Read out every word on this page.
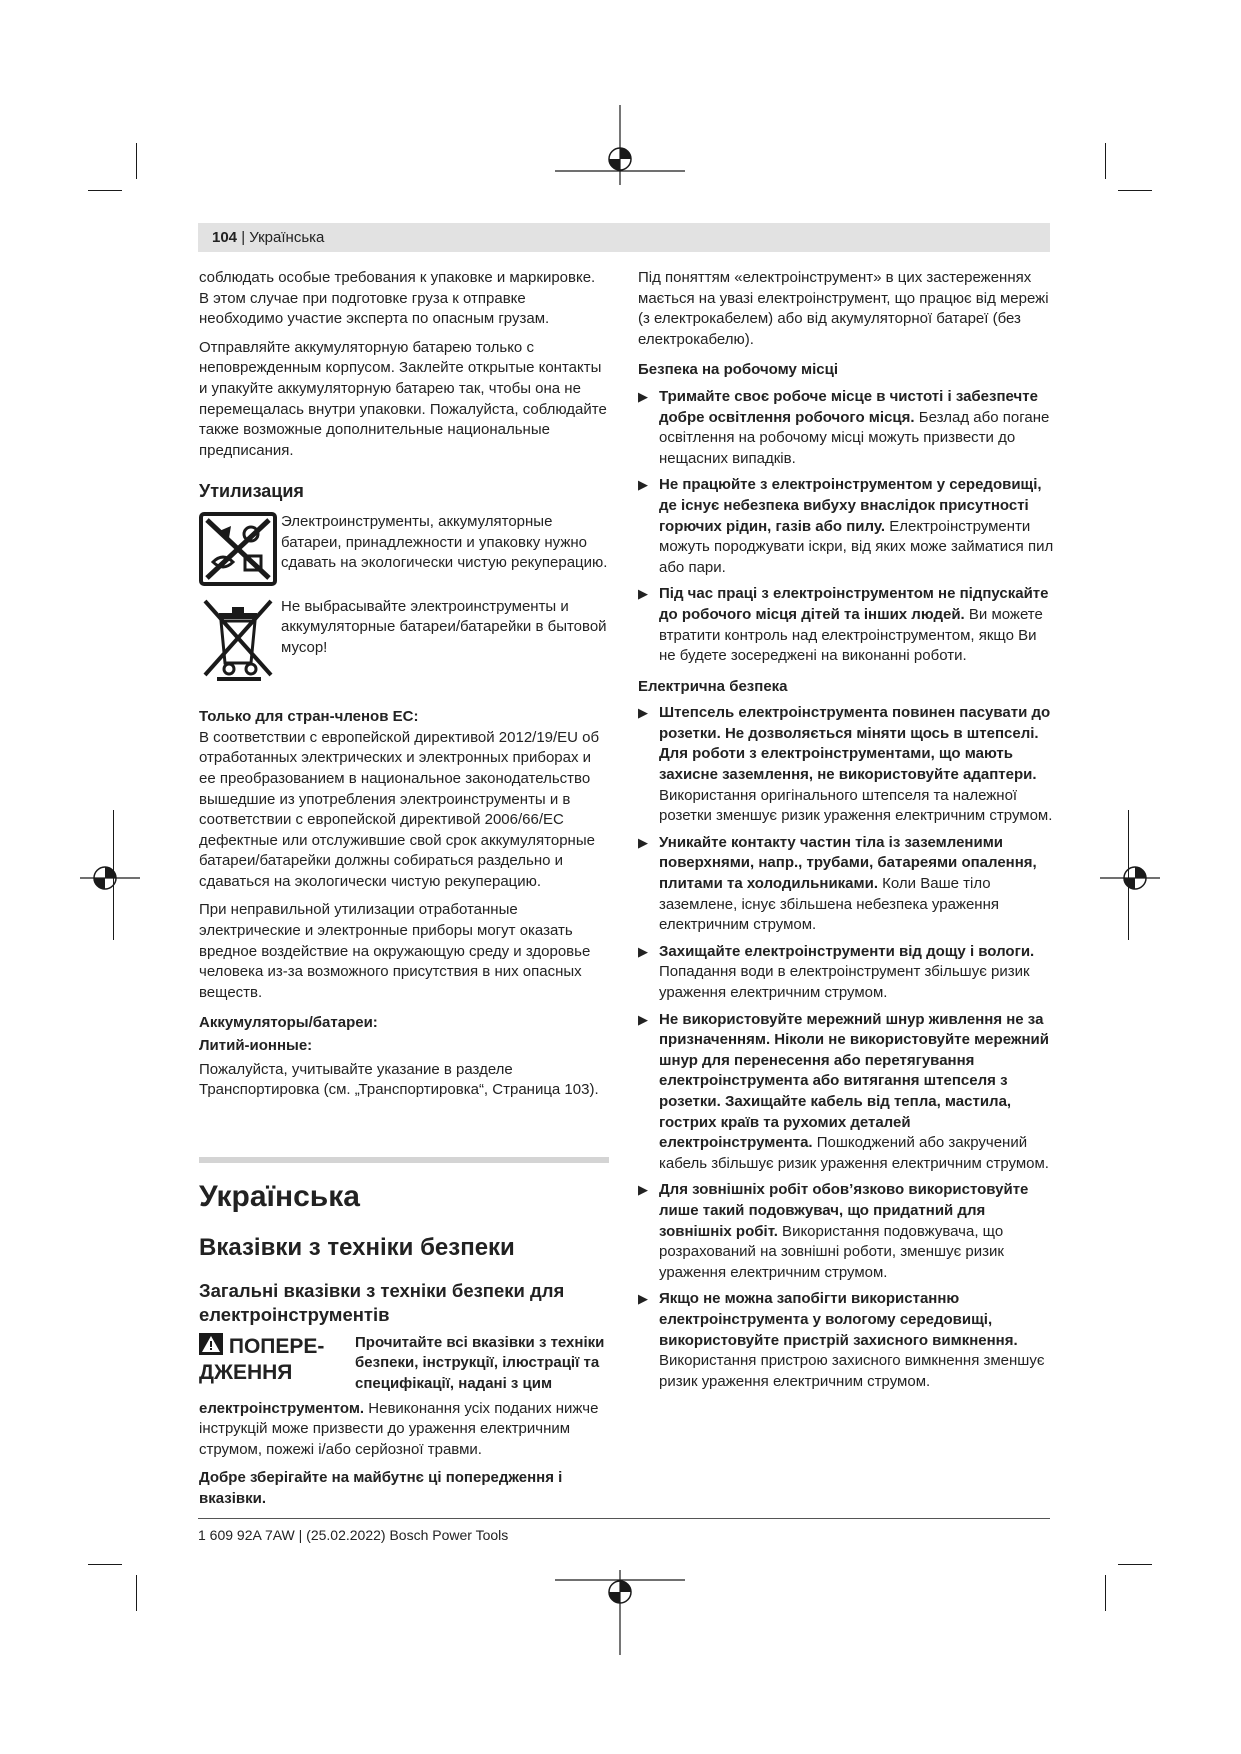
104 | Українська

соблюдать особые требования к упаковке и маркировке. В этом случае при подготовке груза к отправке необходимо участие эксперта по опасным грузам.

Отправляйте аккумуляторную батарею только с неповрежденным корпусом. Заклейте открытые контакты и упакуйте аккумуляторную батарею так, чтобы она не перемещалась внутри упаковки. Пожалуйста, соблюдайте также возможные дополнительные национальные предписания.

Утилизация
Электроинструменты, аккумуляторные батареи, принадлежности и упаковку нужно сдавать на экологически чистую рекуперацию.
Не выбрасывайте электроинструменты и аккумуляторные батареи/батарейки в бытовой мусор!
Только для стран-членов ЕС:

В соответствии с европейской директивой 2012/19/EU об отработанных электрических и электронных приборах и ее преобразованием в национальное законодательство вышедшие из употребления электроинструменты и в соответствии с европейской директивой 2006/66/EC дефектные или отслужившие свой срок аккумуляторные батареи/батарейки должны собираться раздельно и сдаваться на экологически чистую рекуперацию.

При неправильной утилизации отработанные электрические и электронные приборы могут оказать вредное воздействие на окружающую среду и здоровье человека из-за возможного присутствия в них опасных веществ.

Аккумуляторы/батареи:
Литий-ионные:

Пожалуйста, учитывайте указание в разделе Транспортировка (см. „Транспортировка“, Страница 103).

Українська
Вказівки з техніки безпеки
Загальні вказівки з техніки безпеки для електроінструментів
ПОПЕРЕ-ДЖЕННЯ
Прочитайте всі вказівки з техніки безпеки, інструкції, ілюстрації та специфікації, надані з цим

електроінструментом. Невиконання усіх поданих нижче інструкцій може призвести до ураження електричним струмом, пожежі і/або серйозної травми.

Добре зберігайте на майбутнє ці попередження і вказівки.

Під поняттям «електроінструмент» в цих застереженнях мається на увазі електроінструмент, що працює від мережі (з електрокабелем) або від акумуляторної батареї (без електрокабелю).

Безпека на робочому місці
▶ Тримайте своє робоче місце в чистоті і забезпечте добре освітлення робочого місця. Безлад або погане освітлення на робочому місці можуть призвести до нещасних випадків.
▶ Не працюйте з електроінструментом у середовищі, де існує небезпека вибуху внаслідок присутності горючих рідин, газів або пилу. Електроінструменти можуть породжувати іскри, від яких може займатися пил або пари.
▶ Під час праці з електроінструментом не підпускайте до робочого місця дітей та інших людей. Ви можете втратити контроль над електроінструментом, якщо Ви не будете зосереджені на виконанні роботи.
Електрична безпека
▶ Штепсель електроінструмента повинен пасувати до розетки. Не дозволяється міняти щось в штепселі. Для роботи з електроінструментами, що мають захисне заземлення, не використовуйте адаптери. Використання оригінального штепселя та належної розетки зменшує ризик ураження електричним струмом.
▶ Уникайте контакту частин тіла із заземленими поверхнями, напр., трубами, батареями опалення, плитами та холодильниками. Коли Ваше тіло заземлене, існує збільшена небезпека ураження електричним струмом.
▶ Захищайте електроінструменти від дощу і вологи. Попадання води в електроінструмент збільшує ризик ураження електричним струмом.
▶ Не використовуйте мережний шнур живлення не за призначенням. Ніколи не використовуйте мережний шнур для перенесення або перетягування електроінструмента або витягання штепселя з розетки. Захищайте кабель від тепла, мастила, гострих країв та рухомих деталей електроінструмента. Пошкоджений або закручений кабель збільшує ризик ураження електричним струмом.
▶ Для зовнішніх робіт обов’язково використовуйте лише такий подовжувач, що придатний для зовнішніх робіт. Використання подовжувача, що розрахований на зовнішні роботи, зменшує ризик ураження електричним струмом.
▶ Якщо не можна запобігти використанню електроінструмента у вологому середовищі, використовуйте пристрій захисного вимкнення. Використання пристрою захисного вимкнення зменшує ризик ураження електричним струмом.
1 609 92A 7AW | (25.02.2022) Bosch Power Tools
